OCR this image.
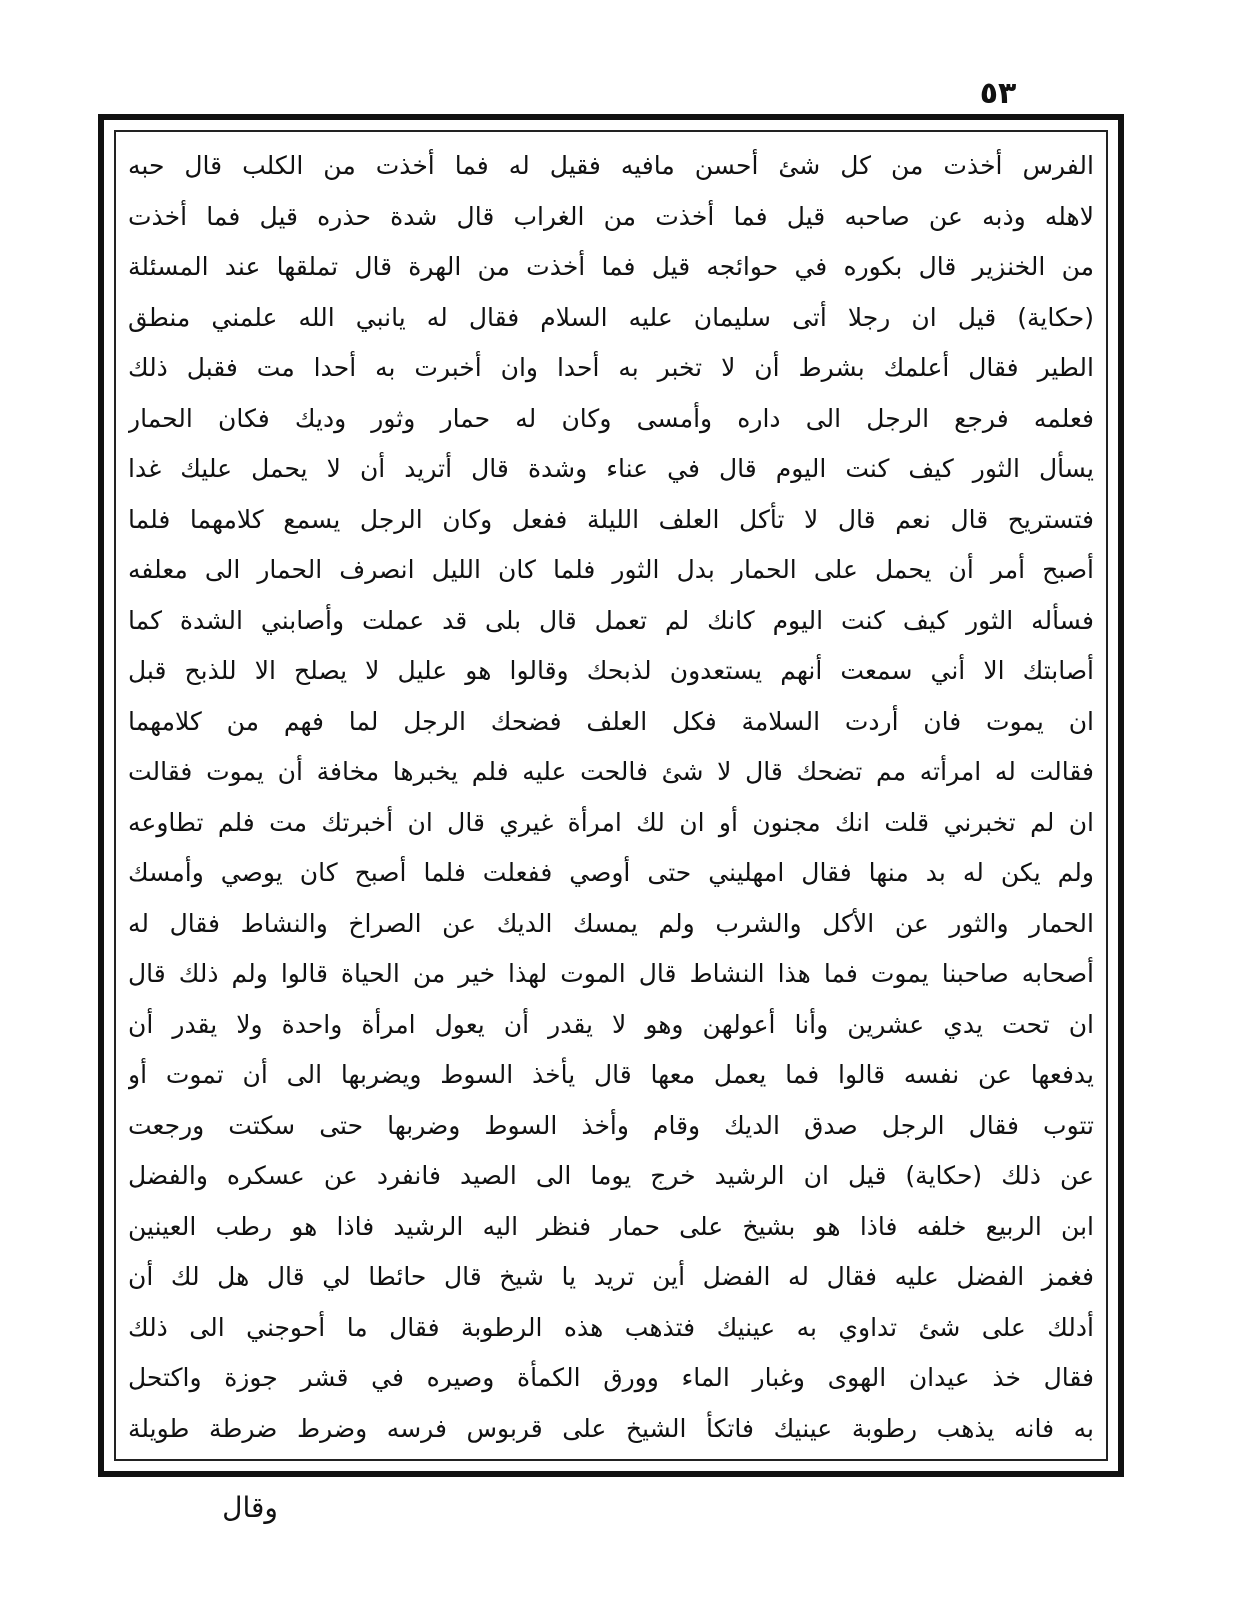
٥٣
الفرس أخذت من كل شئ أحسن مافيه فقيل له فما أخذت من الكلب قال حبه
لاهله وذبه عن صاحبه قيل فما أخذت من الغراب قال شدة حذره قيل فما أخذت
من الخنزير قال بكوره في حوائجه قيل فما أخذت من الهرة قال تملقها عند المسئلة
(حكاية) قيل ان رجلا أتى سليمان عليه السلام فقال له يانبي الله علمني منطق
الطير فقال أعلمك بشرط أن لا تخبر به أحدا وان أخبرت به أحدا مت فقبل ذلك
فعلمه فرجع الرجل الى داره وأمسى وكان له حمار وثور وديك فكان الحمار
يسأل الثور كيف كنت اليوم قال في عناء وشدة قال أتريد أن لا يحمل عليك غدا
فتستريح قال نعم قال لا تأكل العلف الليلة ففعل وكان الرجل يسمع كلامهما فلما
أصبح أمر أن يحمل على الحمار بدل الثور فلما كان الليل انصرف الحمار الى معلفه
فسأله الثور كيف كنت اليوم كانك لم تعمل قال بلى قد عملت وأصابني الشدة كما
أصابتك الا أني سمعت أنهم يستعدون لذبحك وقالوا هو عليل لا يصلح الا للذبح قبل
ان يموت فان أردت السلامة فكل العلف فضحك الرجل لما فهم من كلامهما
فقالت له امرأته مم تضحك قال لا شئ فالحت عليه فلم يخبرها مخافة أن يموت فقالت
ان لم تخبرني قلت انك مجنون أو ان لك امرأة غيري قال ان أخبرتك مت فلم تطاوعه
ولم يكن له بد منها فقال امهليني حتى أوصي ففعلت فلما أصبح كان يوصي وأمسك
الحمار والثور عن الأكل والشرب ولم يمسك الديك عن الصراخ والنشاط فقال له
أصحابه صاحبنا يموت فما هذا النشاط قال الموت لهذا خير من الحياة قالوا ولم ذلك قال
ان تحت يدي عشرين وأنا أعولهن وهو لا يقدر أن يعول امرأة واحدة ولا يقدر أن
يدفعها عن نفسه قالوا فما يعمل معها قال يأخذ السوط ويضربها الى أن تموت أو
تتوب فقال الرجل صدق الديك وقام وأخذ السوط وضربها حتى سكتت ورجعت
عن ذلك (حكاية) قيل ان الرشيد خرج يوما الى الصيد فانفرد عن عسكره والفضل
ابن الربيع خلفه فاذا هو بشيخ على حمار فنظر اليه الرشيد فاذا هو رطب العينين
فغمز الفضل عليه فقال له الفضل أين تريد يا شيخ قال حائطا لي قال هل لك أن
أدلك على شئ تداوي به عينيك فتذهب هذه الرطوبة فقال ما أحوجني الى ذلك
فقال خذ عيدان الهوى وغبار الماء وورق الكمأة وصيره في قشر جوزة واكتحل
به فانه يذهب رطوبة عينيك فاتكأ الشيخ على قربوس فرسه وضرط ضرطة طويلة
وقال
